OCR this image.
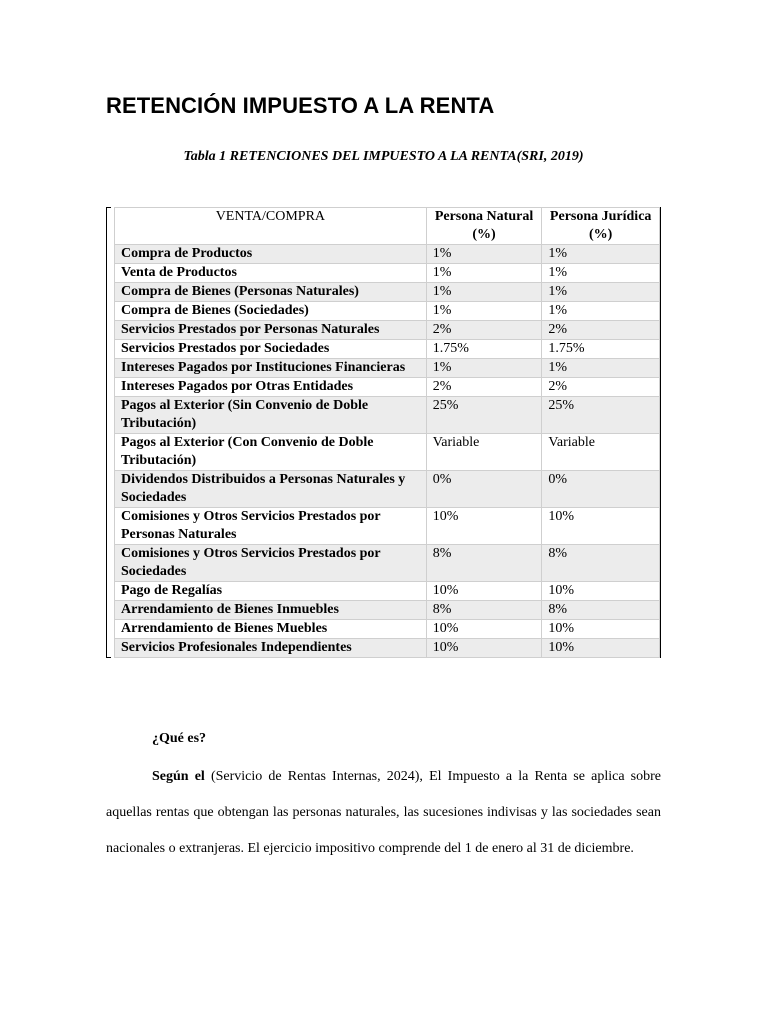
RETENCIÓN IMPUESTO A LA RENTA
Tabla 1 RETENCIONES DEL IMPUESTO A LA RENTA(SRI, 2019)
VENTA/COMPRA	Persona Natural (%)	Persona Jurídica (%)
Compra de Productos	1%	1%
Venta de Productos	1%	1%
Compra de Bienes (Personas Naturales)	1%	1%
Compra de Bienes (Sociedades)	1%	1%
Servicios Prestados por Personas Naturales	2%	2%
Servicios Prestados por Sociedades	1.75%	1.75%
Intereses Pagados por Instituciones Financieras	1%	1%
Intereses Pagados por Otras Entidades	2%	2%
Pagos al Exterior (Sin Convenio de Doble Tributación)	25%	25%
Pagos al Exterior (Con Convenio de Doble Tributación)	Variable	Variable
Dividendos Distribuidos a Personas Naturales y Sociedades	0%	0%
Comisiones y Otros Servicios Prestados por Personas Naturales	10%	10%
Comisiones y Otros Servicios Prestados por Sociedades	8%	8%
Pago de Regalías	10%	10%
Arrendamiento de Bienes Inmuebles	8%	8%
Arrendamiento de Bienes Muebles	10%	10%
Servicios Profesionales Independientes	10%	10%
¿Qué es?

Según el (Servicio de Rentas Internas, 2024), El Impuesto a la Renta se aplica sobre aquellas rentas que obtengan las personas naturales, las sucesiones indivisas y las sociedades sean nacionales o extranjeras. El ejercicio impositivo comprende del 1 de enero al 31 de diciembre.
